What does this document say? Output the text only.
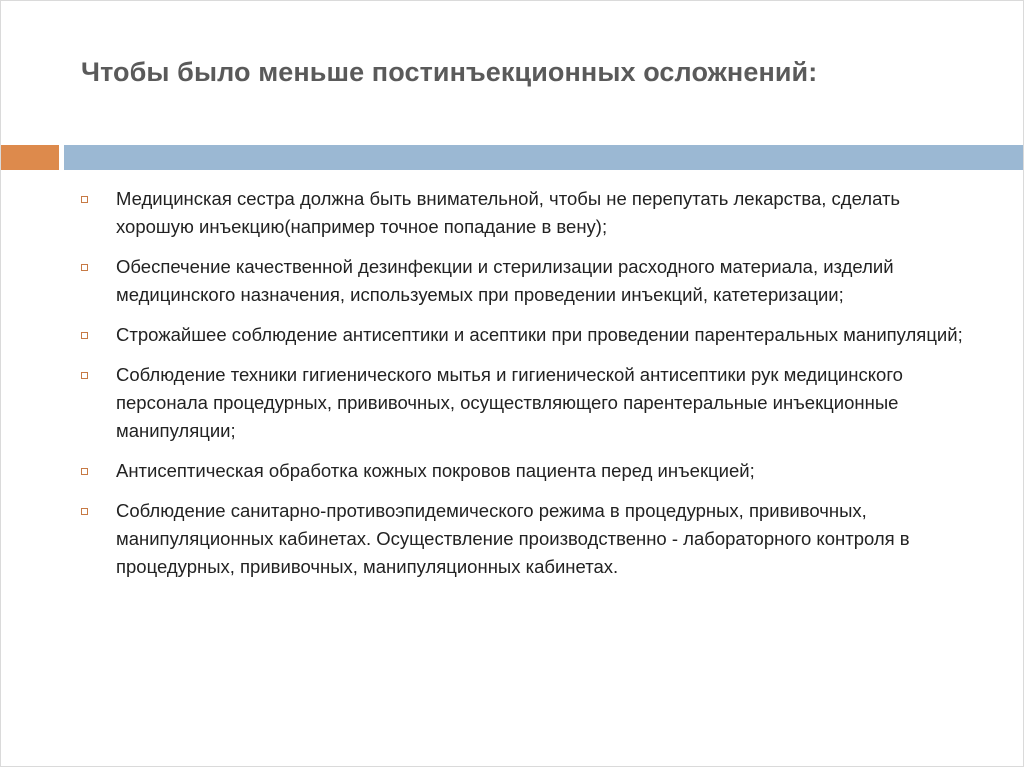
Чтобы было меньше постинъекционных осложнений:
Медицинская сестра должна быть внимательной, чтобы не перепутать лекарства, сделать хорошую инъекцию(например точное попадание в вену);
Обеспечение качественной дезинфекции и стерилизации расходного материала, изделий медицинского назначения, используемых при проведении инъекций, катетеризации;
Строжайшее соблюдение антисептики и асептики при проведении парентеральных манипуляций;
Соблюдение техники гигиенического мытья и гигиенической антисептики рук медицинского персонала процедурных, прививочных, осуществляющего парентеральные инъекционные манипуляции;
Антисептическая обработка кожных покровов пациента перед инъекцией;
Соблюдение санитарно-противоэпидемического режима в процедурных, прививочных, манипуляционных кабинетах. Осуществление производственно - лабораторного контроля в процедурных, прививочных, манипуляционных кабинетах.
